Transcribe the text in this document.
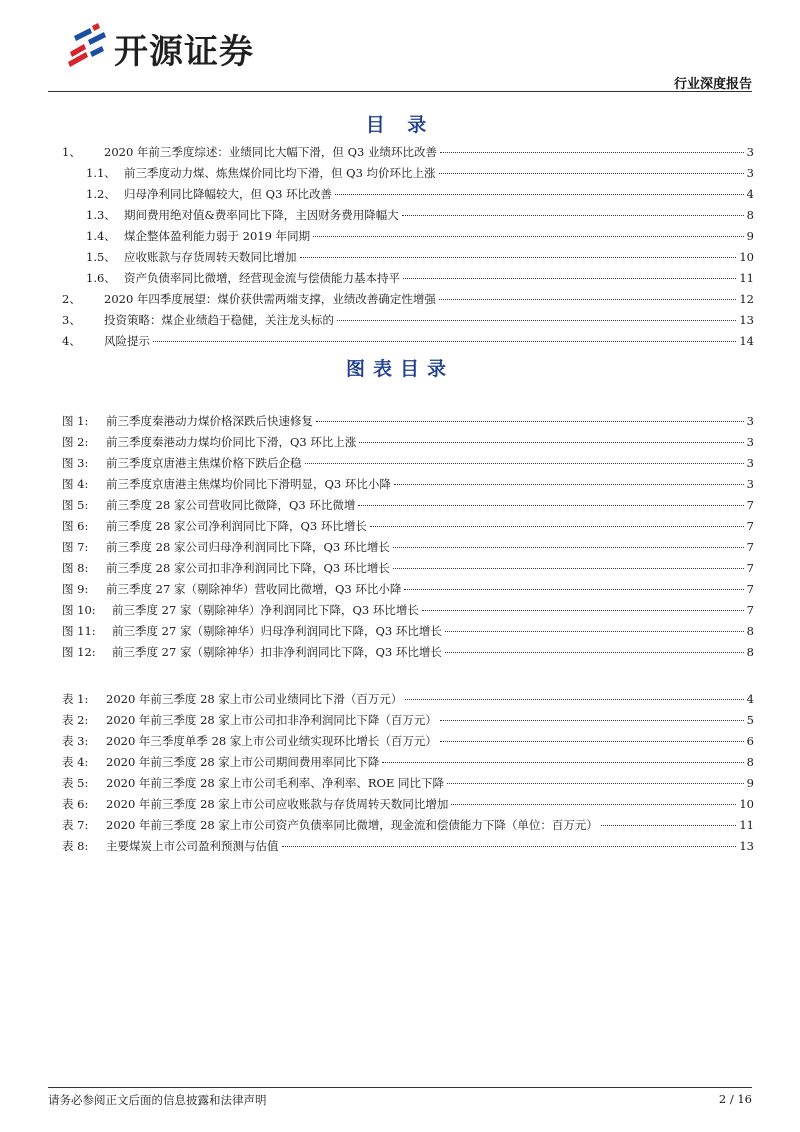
开源证券
行业深度报告
目 录
1、	2020 年前三季度综述：业绩同比大幅下滑，但 Q3 业绩环比改善	3
1.1、 前三季度动力煤、炼焦煤价同比均下滑，但 Q3 均价环比上涨	3
1.2、 归母净利同比降幅较大，但 Q3 环比改善	4
1.3、 期间费用绝对值&费率同比下降，主因财务费用降幅大	8
1.4、 煤企整体盈利能力弱于 2019 年同期	9
1.5、 应收账款与存货周转天数同比增加	10
1.6、 资产负债率同比微增，经营现金流与偿债能力基本持平	11
2、	2020 年四季度展望：煤价获供需两端支撑，业绩改善确定性增强	12
3、	投资策略：煤企业绩趋于稳健，关注龙头标的	13
4、	风险提示	14
图表目录
图 1:	前三季度秦港动力煤价格深跌后快速修复	3
图 2:	前三季度秦港动力煤均价同比下滑，Q3 环比上涨	3
图 3:	前三季度京唐港主焦煤价格下跌后企稳	3
图 4:	前三季度京唐港主焦煤均价同比下滑明显，Q3 环比小降	3
图 5:	前三季度 28 家公司营收同比微降，Q3 环比微增	7
图 6:	前三季度 28 家公司净利润同比下降，Q3 环比增长	7
图 7:	前三季度 28 家公司归母净利润同比下降，Q3 环比增长	7
图 8:	前三季度 28 家公司扣非净利润同比下降，Q3 环比增长	7
图 9:	前三季度 27 家（剔除神华）营收同比微增，Q3 环比小降	7
图 10:	前三季度 27 家（剔除神华）净利润同比下降，Q3 环比增长	7
图 11:	前三季度 27 家（剔除神华）归母净利润同比下降，Q3 环比增长	8
图 12:	前三季度 27 家（剔除神华）扣非净利润同比下降，Q3 环比增长	8
表 1:	2020 年前三季度 28 家上市公司业绩同比下滑（百万元）	4
表 2:	2020 年前三季度 28 家上市公司扣非净利润同比下降（百万元）	5
表 3:	2020 年三季度单季 28 家上市公司业绩实现环比增长（百万元）	6
表 4:	2020 年前三季度 28 家上市公司期间费用率同比下降	8
表 5:	2020 年前三季度 28 家上市公司毛利率、净利率、ROE 同比下降	9
表 6:	2020 年前三季度 28 家上市公司应收账款与存货周转天数同比增加	10
表 7:	2020 年前三季度 28 家上市公司资产负债率同比微增，现金流和偿债能力下降（单位：百万元）	11
表 8:	主要煤炭上市公司盈利预测与估值	13
请务必参阅正文后面的信息披露和法律声明	2 / 16
